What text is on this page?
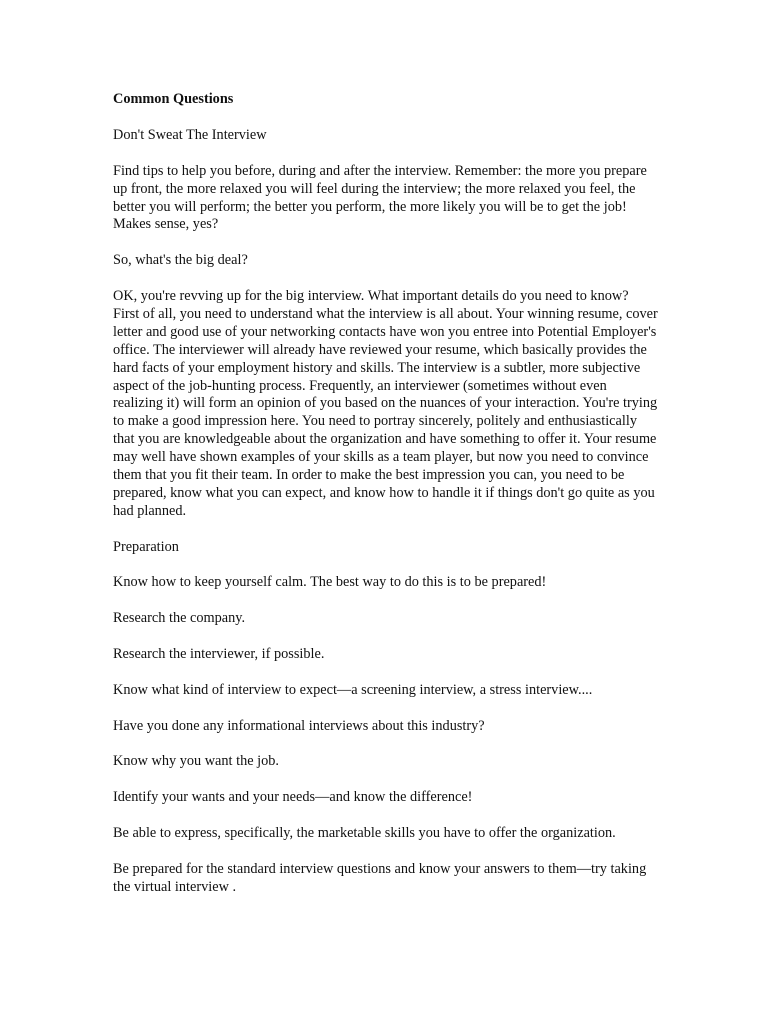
Common Questions

Don't Sweat The Interview

Find tips to help you before, during and after the interview. Remember: the more you prepare up front, the more relaxed you will feel during the interview; the more relaxed you feel, the better you will perform; the better you perform, the more likely you will be to get the job! Makes sense, yes?

So, what's the big deal?

OK, you're revving up for the big interview. What important details do you need to know? First of all, you need to understand what the interview is all about. Your winning resume, cover letter and good use of your networking contacts have won you entree into Potential Employer's office. The interviewer will already have reviewed your resume, which basically provides the hard facts of your employment history and skills. The interview is a subtler, more subjective aspect of the job-hunting process. Frequently, an interviewer (sometimes without even realizing it) will form an opinion of you based on the nuances of your interaction. You're trying to make a good impression here. You need to portray sincerely, politely and enthusiastically that you are knowledgeable about the organization and have something to offer it. Your resume may well have shown examples of your skills as a team player, but now you need to convince them that you fit their team. In order to make the best impression you can, you need to be prepared, know what you can expect, and know how to handle it if things don't go quite as you had planned.

Preparation

Know how to keep yourself calm. The best way to do this is to be prepared!

Research the company.

Research the interviewer, if possible.

Know what kind of interview to expect—a screening interview, a stress interview....

Have you done any informational interviews about this industry?

Know why you want the job.

Identify your wants and your needs—and know the difference!

Be able to express, specifically, the marketable skills you have to offer the organization.

Be prepared for the standard interview questions and know your answers to them—try taking the virtual interview .
